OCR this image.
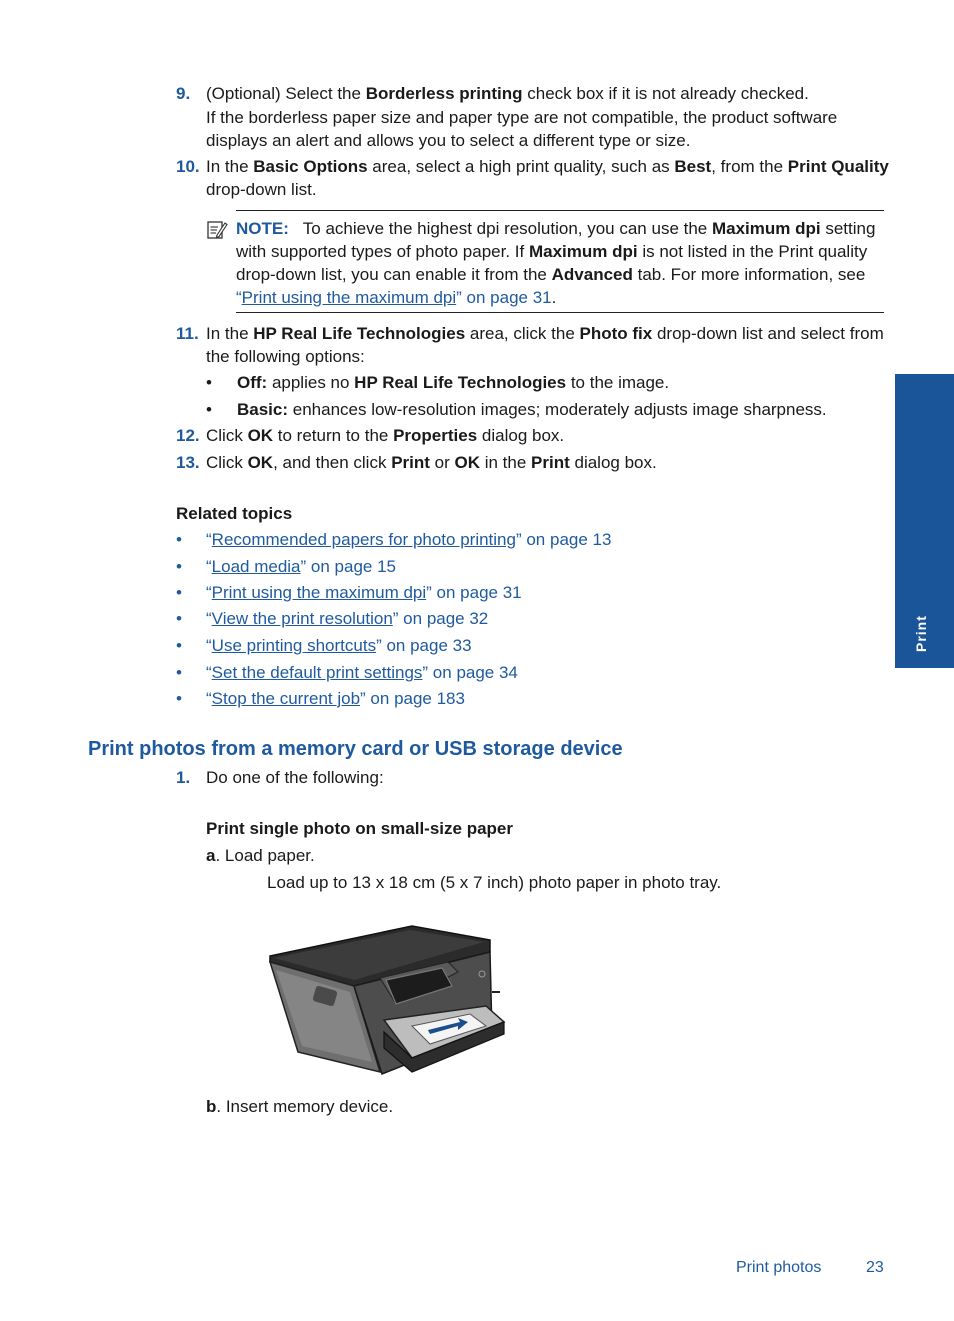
9. (Optional) Select the Borderless printing check box if it is not already checked.
If the borderless paper size and paper type are not compatible, the product software displays an alert and allows you to select a different type or size.
10. In the Basic Options area, select a high print quality, such as Best, from the Print Quality drop-down list.
NOTE: To achieve the highest dpi resolution, you can use the Maximum dpi setting with supported types of photo paper. If Maximum dpi is not listed in the Print quality drop-down list, you can enable it from the Advanced tab. For more information, see “Print using the maximum dpi” on page 31.
11. In the HP Real Life Technologies area, click the Photo fix drop-down list and select from the following options:
• Off: applies no HP Real Life Technologies to the image.
• Basic: enhances low-resolution images; moderately adjusts image sharpness.
12. Click OK to return to the Properties dialog box.
13. Click OK, and then click Print or OK in the Print dialog box.
Related topics
• “Recommended papers for photo printing” on page 13
• “Load media” on page 15
• “Print using the maximum dpi” on page 31
• “View the print resolution” on page 32
• “Use printing shortcuts” on page 33
• “Set the default print settings” on page 34
• “Stop the current job” on page 183
Print photos from a memory card or USB storage device
1. Do one of the following:
Print single photo on small-size paper
a. Load paper.
Load up to 13 x 18 cm (5 x 7 inch) photo paper in photo tray.
b. Insert memory device.
Print
Print photos	23
